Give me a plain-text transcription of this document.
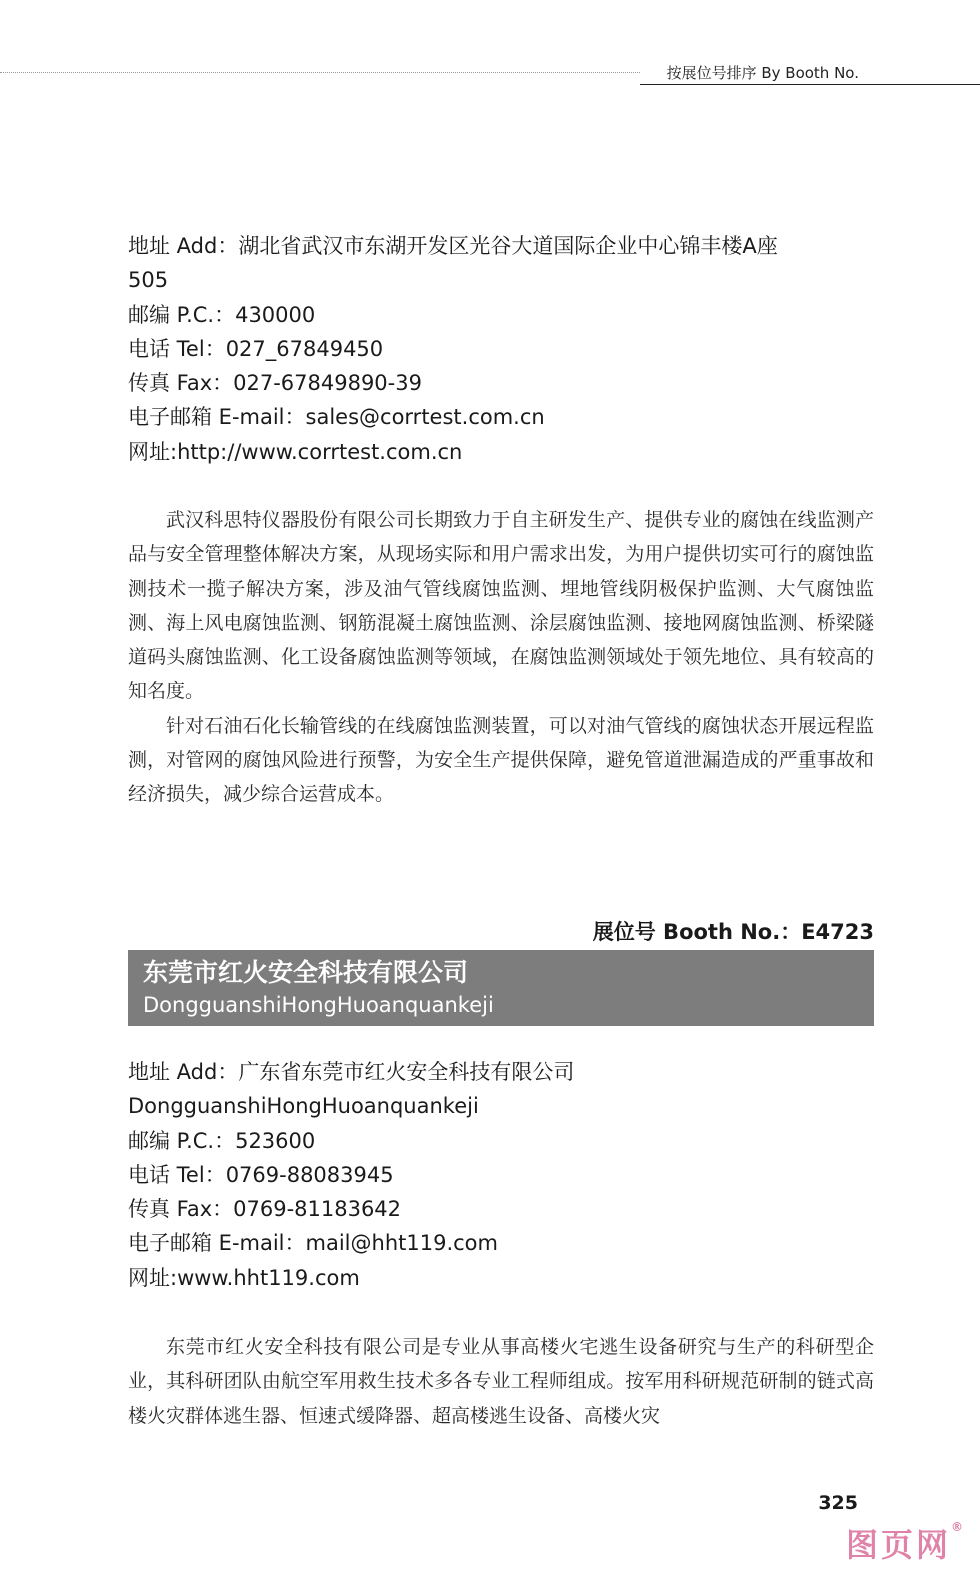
按展位号排序 By Booth No.

地址 Add：湖北省武汉市东湖开发区光谷大道国际企业中心锦丰楼A座

505

邮编 P.C.：430000

电话 Tel：027_67849450

传真 Fax：027-67849890-39

电子邮箱 E-mail：sales@corrtest.com.cn

网址:http://www.corrtest.com.cn

武汉科思特仪器股份有限公司长期致力于自主研发生产、提供专业的腐蚀在线监测产品与安全管理整体解决方案，从现场实际和用户需求出发，为用户提供切实可行的腐蚀监测技术一揽子解决方案，涉及油气管线腐蚀监测、埋地管线阴极保护监测、大气腐蚀监测、海上风电腐蚀监测、钢筋混凝土腐蚀监测、涂层腐蚀监测、接地网腐蚀监测、桥梁隧道码头腐蚀监测、化工设备腐蚀监测等领域，在腐蚀监测领域处于领先地位、具有较高的知名度。

针对石油石化长输管线的在线腐蚀监测装置，可以对油气管线的腐蚀状态开展远程监测，对管网的腐蚀风险进行预警，为安全生产提供保障，避免管道泄漏造成的严重事故和经济损失，减少综合运营成本。

展位号 Booth No.：E4723
东莞市红火安全科技有限公司
DongguanshiHongHuoanquankeji

地址 Add：广东省东莞市红火安全科技有限公司

DongguanshiHongHuoanquankeji

邮编 P.C.：523600

电话 Tel：0769-88083945

传真 Fax：0769-81183642

电子邮箱 E-mail：mail@hht119.com

网址:www.hht119.com

东莞市红火安全科技有限公司是专业从事高楼火宅逃生设备研究与生产的科研型企业，其科研团队由航空军用救生技术多各专业工程师组成。按军用科研规范研制的链式高楼火灾群体逃生器、恒速式缓降器、超高楼逃生设备、高楼火灾

325
图页网®
